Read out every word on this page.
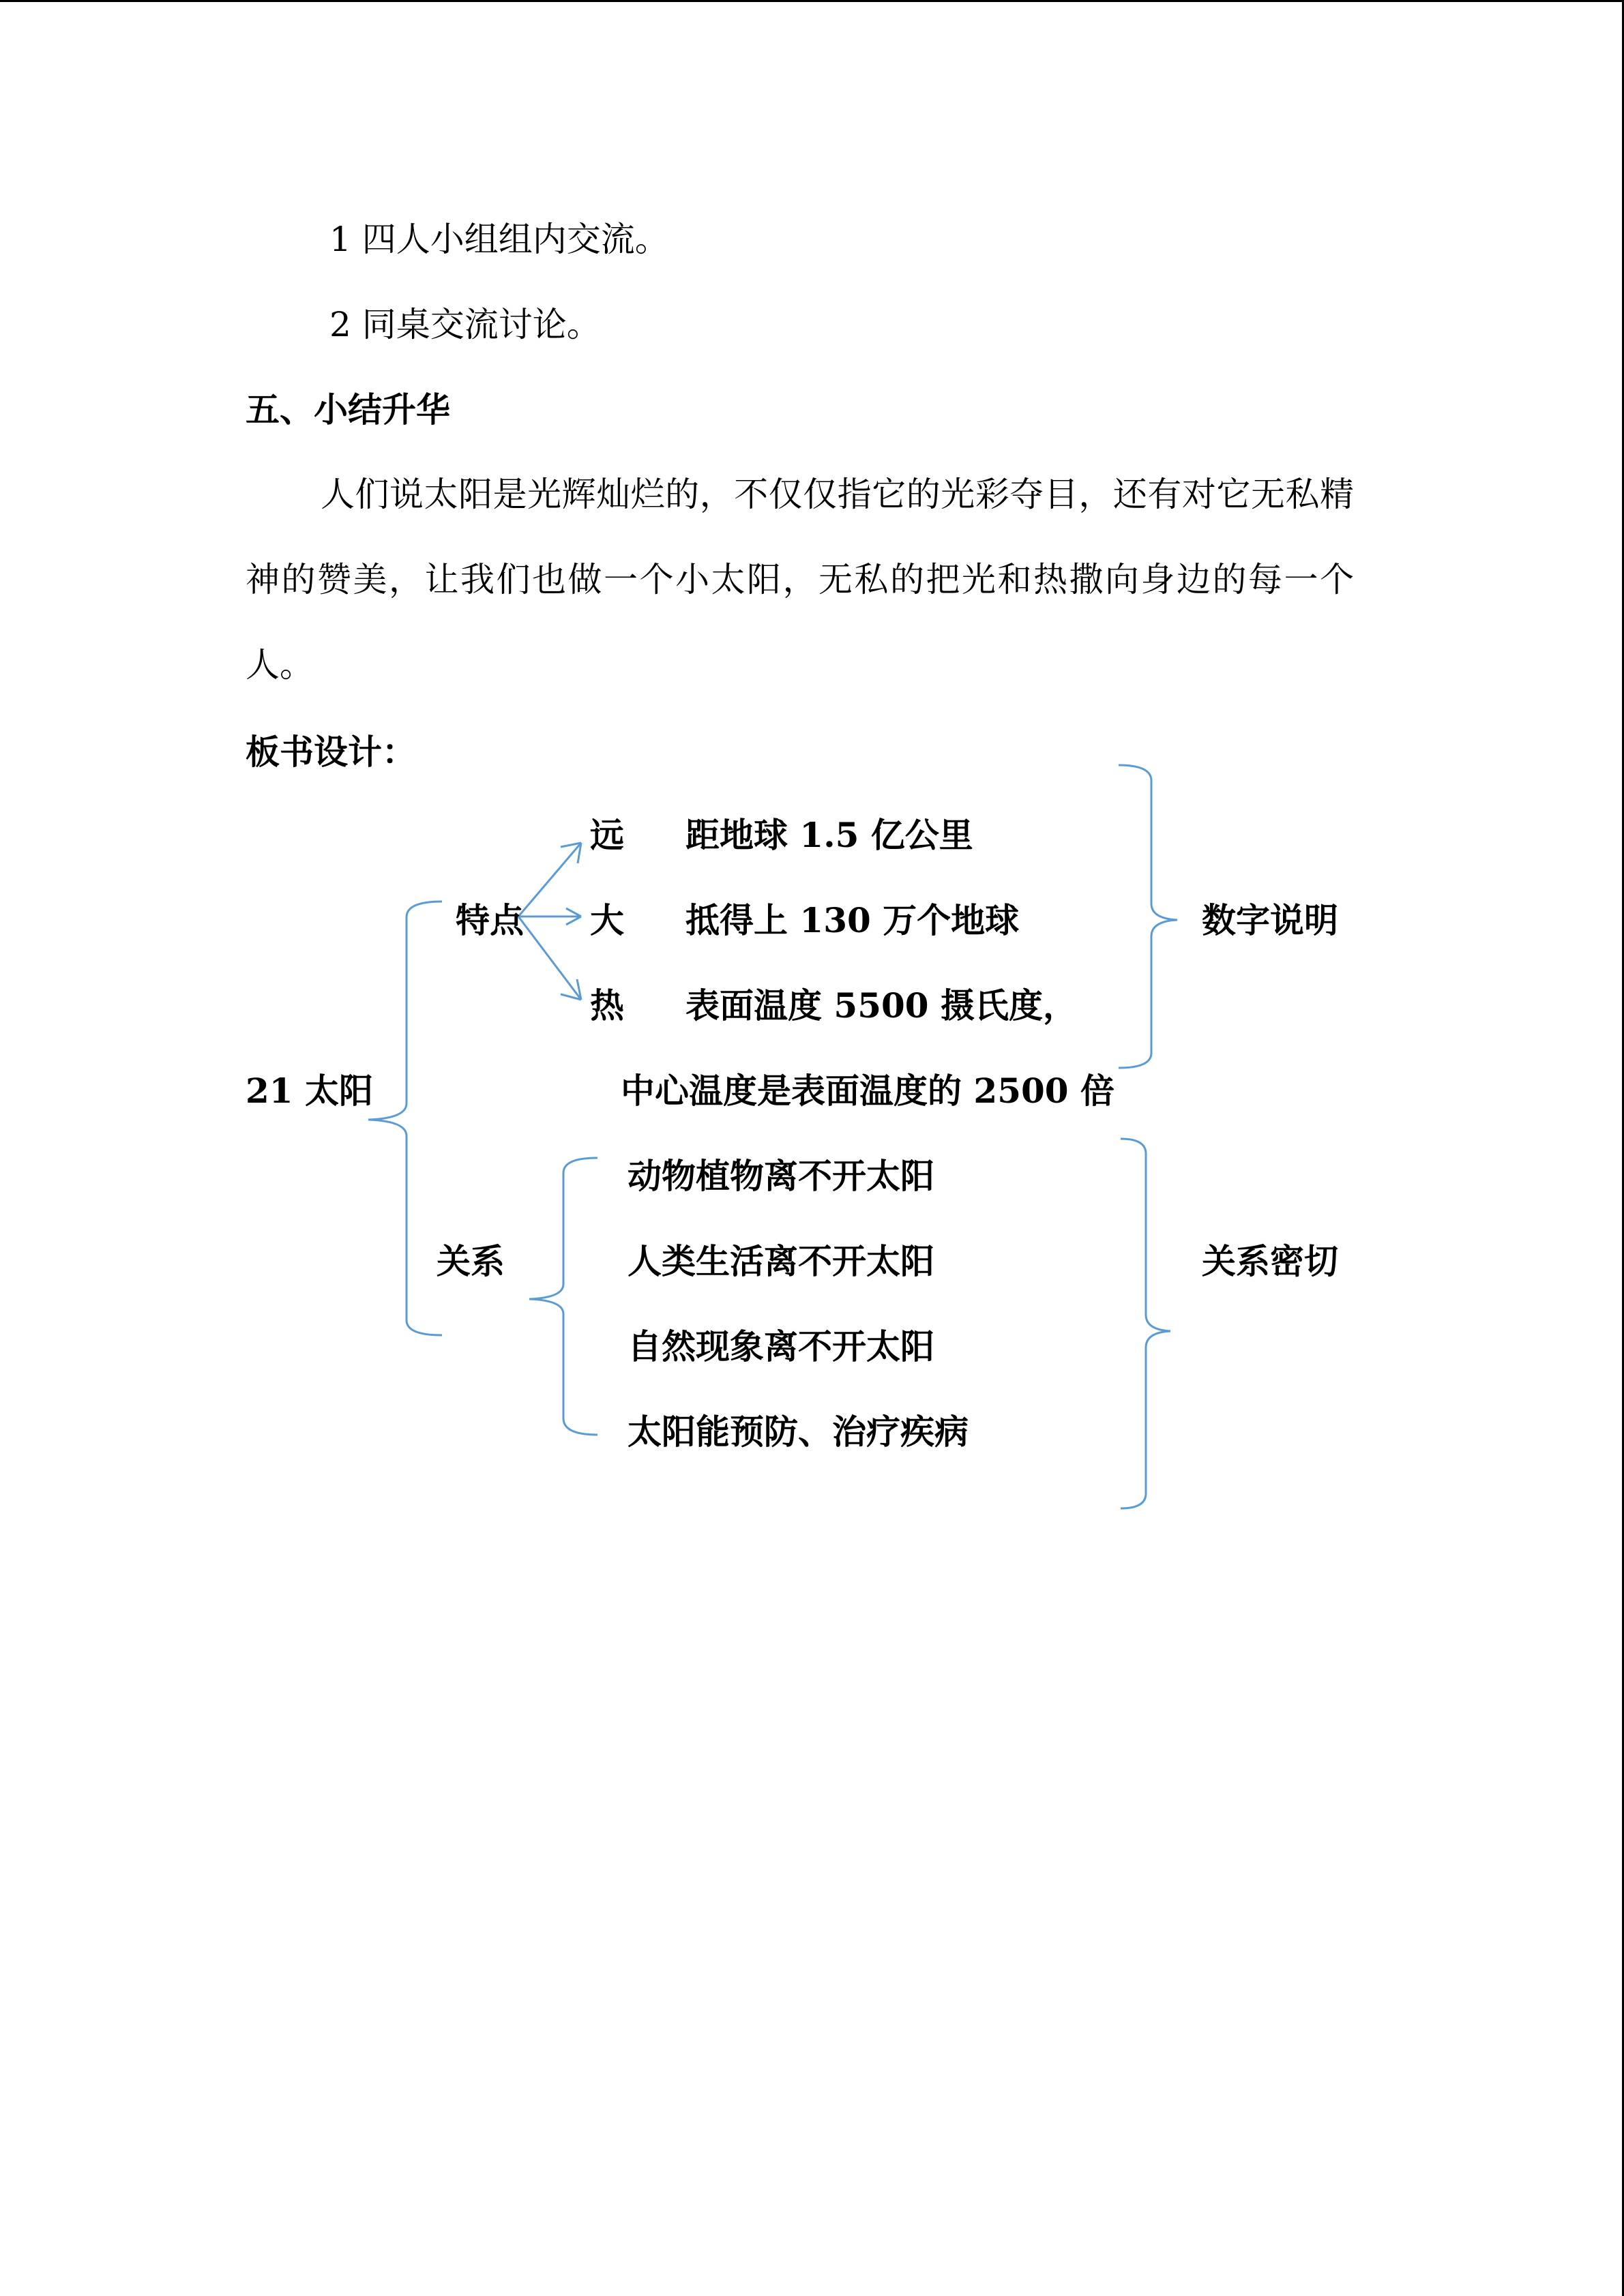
1 四人小组组内交流。
2 同桌交流讨论。
五、小结升华
人们说太阳是光辉灿烂的，不仅仅指它的光彩夺目，还有对它无私精神的赞美，让我们也做一个小太阳，无私的把光和热撒向身边的每一个人。
板书设计：
21 太阳
特点
远 距地球 1.5 亿公里
大 抵得上 130 万个地球
热 表面温度 5500 摄氏度，
中心温度是表面温度的 2500 倍
数字说明
关系
动物植物离不开太阳
人类生活离不开太阳
自然现象离不开太阳
太阳能预防、治疗疾病
关系密切
